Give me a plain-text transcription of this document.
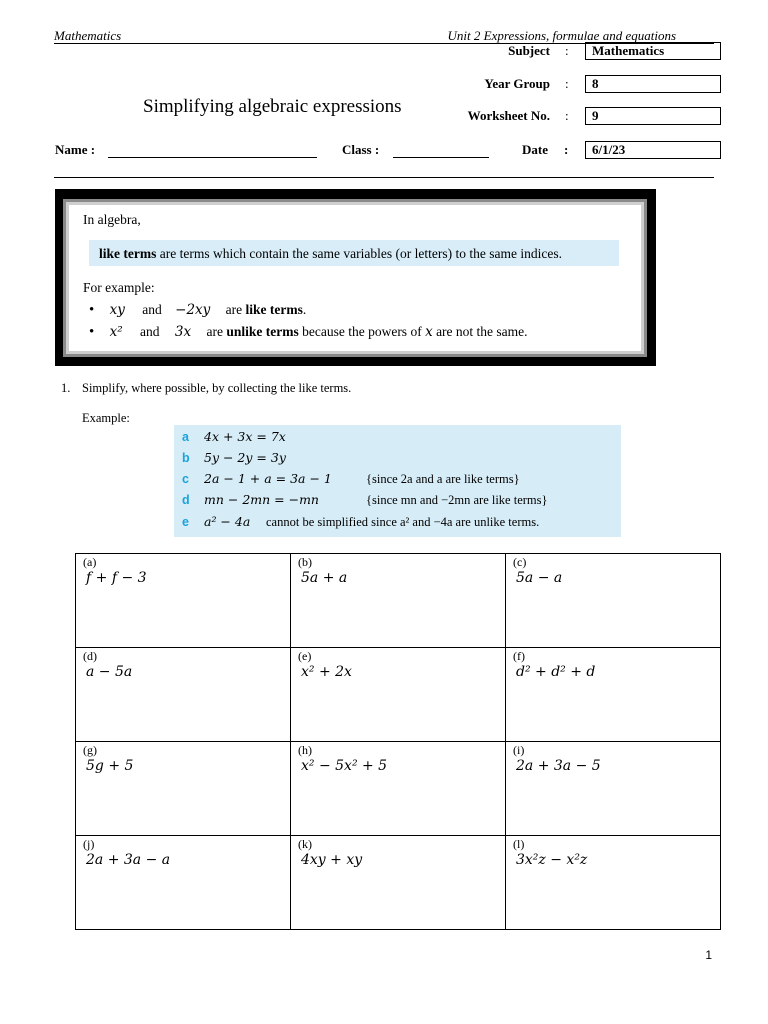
Mathematics	Unit 2 Expressions, formulae and equations
Subject :	Mathematics
Year Group :	8
Simplifying algebraic expressions	Worksheet No. :	9
Name :	Class :	Date :	6/1/23
In algebra,
like terms are terms which contain the same variables (or letters) to the same indices.
For example:
• xy and −2xy are like terms.
• x² and 3x are unlike terms because the powers of x are not the same.
1. Simplify, where possible, by collecting the like terms.
Example:
a 4x + 3x = 7x
b 5y − 2y = 3y
c 2a − 1 + a = 3a − 1	{since 2a and a are like terms}
d mn − 2mn = −mn	{since mn and −2mn are like terms}
e a² − 4a cannot be simplified since a² and −4a are unlike terms.
(a)
f + f − 3	(b)
5a + a	(c)
5a − a

(d)
a − 5a	(e)
x² + 2x	(f)
d² + d² + d

(g)
5g + 5	(h)
x² − 5x² + 5	(i)
2a + 3a − 5

(j)
2a + 3a − a	(k)
4xy + xy	(l)
3x²z − x²z
1
